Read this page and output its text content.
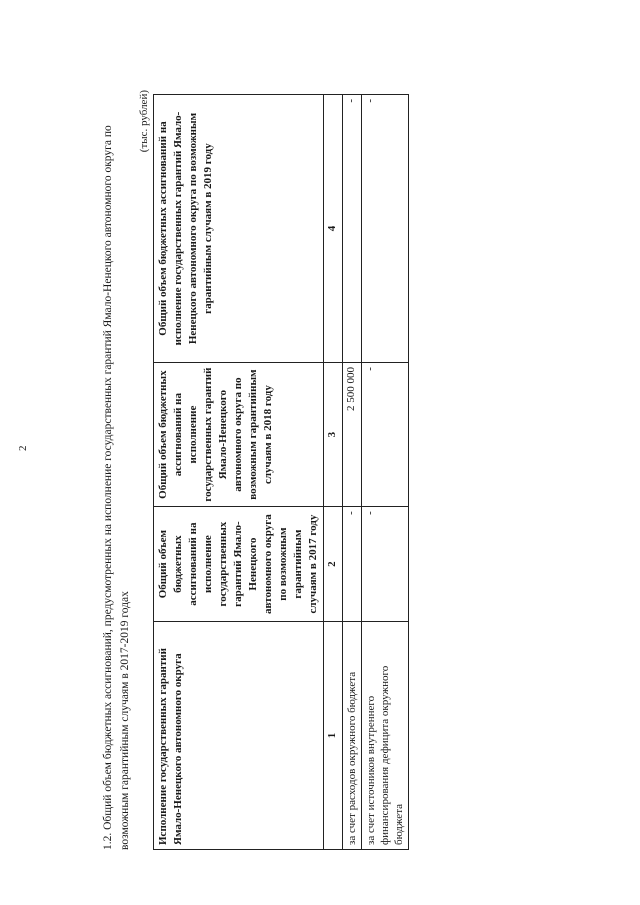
2	1.2. Общий объем бюджетных ассигнований, предусмотренных на исполнение государственных гарантий Ямало-Ненецкого автономного округа по возможным гарантийным случаям в 2017-2019 годах
(тыс. рублей)
Исполнение государственных гарантий Ямало-Ненецкого автономного округа	Общий объем бюджетных ассигнований на исполнение государственных гарантий Ямало-Ненецкого автономного округа по возможным гарантийным случаям в 2017 году	Общий объем бюджетных ассигнований на исполнение государственных гарантий Ямало-Ненецкого автономного округа по возможным гарантийным случаям в 2018 году	Общий объем бюджетных ассигнований на исполнение государственных гарантий Ямало-Ненецкого автономного округа по возможным гарантийным случаям в 2019 году
1	2	3	4
за счет расходов окружного бюджета	-	2 500 000	-
за счет источников внутреннего финансирования дефицита окружного бюджета	-	-	-
